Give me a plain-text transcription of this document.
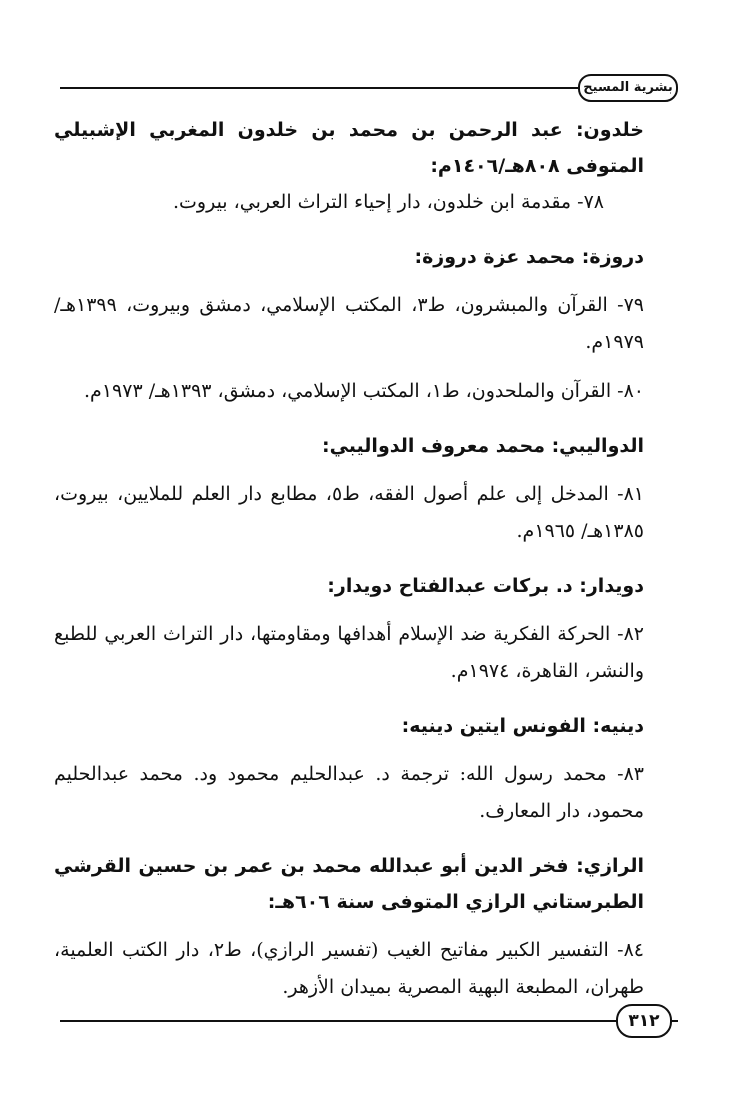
بشرية المسيح

خلدون: عبد الرحمن بن محمد بن خلدون المغربي الإشبيلي المتوفى ٨٠٨هـ/١٤٠٦م:

٧٨- مقدمة ابن خلدون، دار إحياء التراث العربي، بيروت.

دروزة: محمد عزة دروزة:

٧٩- القرآن والمبشرون، ط٣، المكتب الإسلامي، دمشق وبيروت، ١٣٩٩هـ/ ١٩٧٩م.

٨٠- القرآن والملحدون، ط١، المكتب الإسلامي، دمشق، ١٣٩٣هـ/ ١٩٧٣م.

الدواليبي: محمد معروف الدواليبي:

٨١- المدخل إلى علم أصول الفقه، ط٥، مطابع دار العلم للملايين، بيروت، ١٣٨٥هـ/ ١٩٦٥م.

دويدار: د. بركات عبدالفتاح دويدار:

٨٢- الحركة الفكرية ضد الإسلام أهدافها ومقاومتها، دار التراث العربي للطبع والنشر، القاهرة، ١٩٧٤م.

دينيه: الفونس ايتين دينيه:

٨٣- محمد رسول الله: ترجمة د. عبدالحليم محمود ود. محمد عبدالحليم محمود، دار المعارف.

الرازي: فخر الدين أبو عبدالله محمد بن عمر بن حسين القرشي الطبرستاني الرازي المتوفى سنة ٦٠٦هـ:

٨٤- التفسير الكبير مفاتيح الغيب (تفسير الرازي)، ط٢، دار الكتب العلمية، طهران، المطبعة البهية المصرية بميدان الأزهر.

٣١٢
